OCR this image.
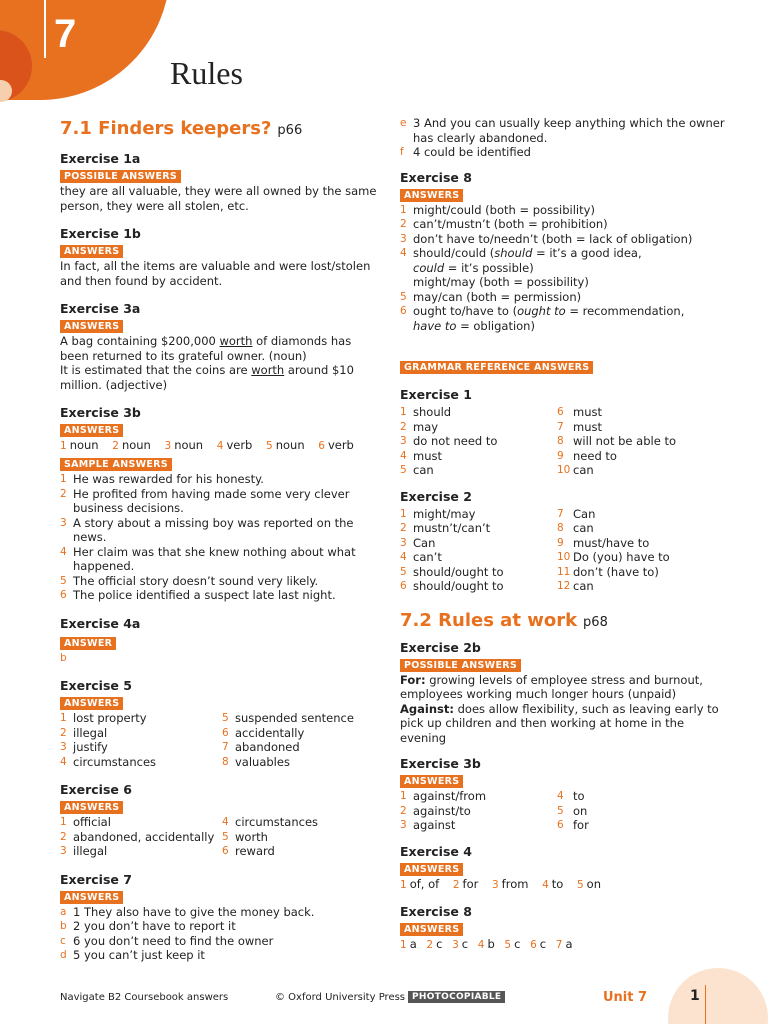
7
Rules
7.1 Finders keepers? p66
Exercise 1a
POSSIBLE ANSWERS

they are all valuable, they were all owned by the same person, they were all stolen, etc.

Exercise 1b
ANSWERS

In fact, all the items are valuable and were lost/stolen and then found by accident.

Exercise 3a
ANSWERS

A bag containing $200,000 worth of diamonds has been returned to its grateful owner. (noun)

It is estimated that the coins are worth around $10 million. (adjective)

Exercise 3b
ANSWERS
1 noun 2 noun 3 noun 4 verb 5 noun 6 verb
SAMPLE ANSWERS
1 He was rewarded for his honesty.
2 He profited from having made some very clever business decisions.
3 A story about a missing boy was reported on the news.
4 Her claim was that she knew nothing about what happened.
5 The official story doesn’t sound very likely.
6 The police identified a suspect late last night.
Exercise 4a
ANSWER

b

Exercise 5
ANSWERS
1 lost property
2 illegal
3 justify
4 circumstances
5 suspended sentence
6 accidentally
7 abandoned
8 valuables
Exercise 6
ANSWERS
1 official
2 abandoned, accidentally
3 illegal
4 circumstances
5 worth
6 reward
Exercise 7
ANSWERS
a 1 They also have to give the money back.
b 2 you don’t have to report it
c 6 you don’t need to find the owner
d 5 you can’t just keep it
e 3 And you can usually keep anything which the owner has clearly abandoned.
f 4 could be identified
Exercise 8
ANSWERS
1 might/could (both = possibility)
2 can’t/mustn’t (both = prohibition)
3 don’t have to/needn’t (both = lack of obligation)
4 should/could (should = it’s a good idea,
could = it’s possible)
might/may (both = possibility)
5 may/can (both = permission)
6 ought to/have to (ought to = recommendation,
have to = obligation)
GRAMMAR REFERENCE ANSWERS
Exercise 1
1 should
2 may
3 do not need to
4 must
5 can
6 must
7 must
8 will not be able to
9 need to
10 can
Exercise 2
1 might/may
2 mustn’t/can’t
3 Can
4 can’t
5 should/ought to
6 should/ought to
7 Can
8 can
9 must/have to
10 Do (you) have to
11 don’t (have to)
12 can
7.2 Rules at work p68
Exercise 2b
POSSIBLE ANSWERS

For: growing levels of employee stress and burnout, employees working much longer hours (unpaid)

Against: does allow flexibility, such as leaving early to pick up children and then working at home in the evening

Exercise 3b
ANSWERS
1 against/from
2 against/to
3 against
4 to
5 on
6 for
Exercise 4
ANSWERS
1 of, of 2 for 3 from 4 to 5 on
Exercise 8
ANSWERS
1 a 2 c 3 c 4 b 5 c 6 c 7 a
1
Navigate B2 Coursebook answers	© Oxford University Press PHOTOCOPIABLE	Unit 7
